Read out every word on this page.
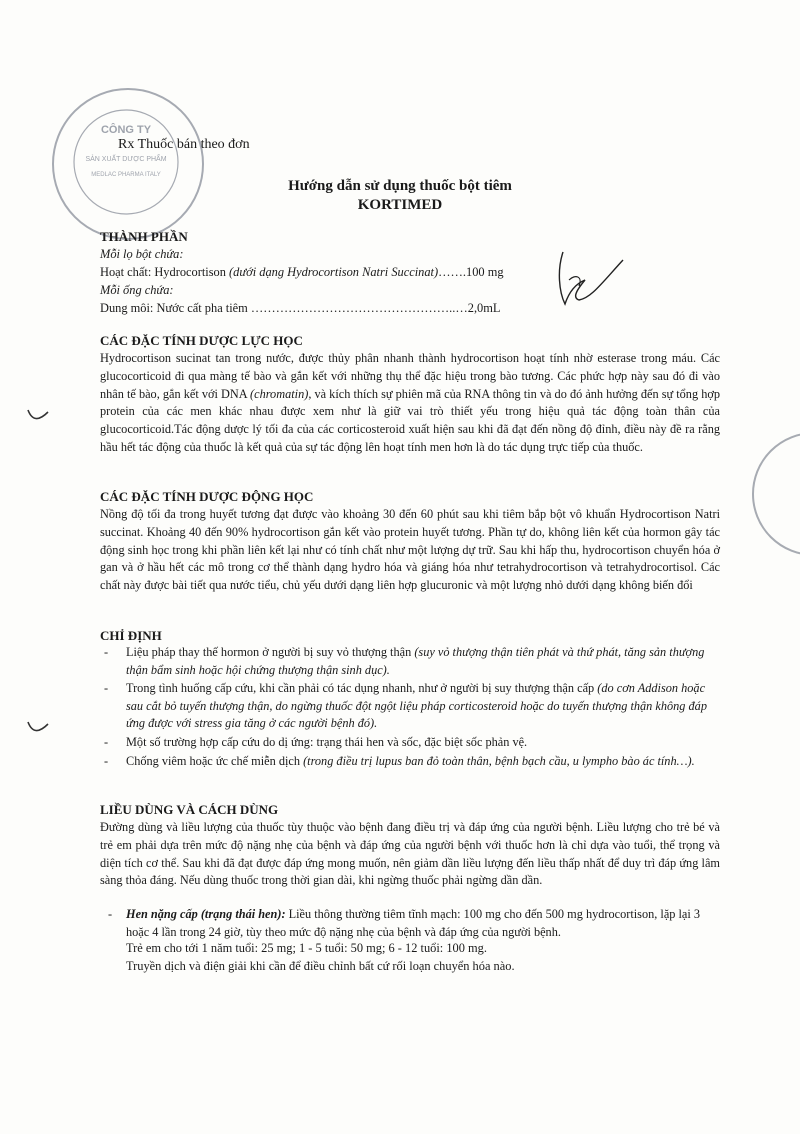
CÔNG TY
SẢN XUẤT DƯỢC PHẨM
MEDLAC PHARMA ITALY
Rx Thuốc bán theo đơn
Hướng dẫn sử dụng thuốc bột tiêm
KORTIMED
THÀNH PHẦN
Mỗi lọ bột chứa:
Hoạt chất: Hydrocortison (dưới dạng Hydrocortison Natri Succinat)…….100 mg
Mỗi ống chứa:
Dung môi: Nước cất pha tiêm …………………………………………..…2,0mL
CÁC ĐẶC TÍNH DƯỢC LỰC HỌC
Hydrocortison sucinat tan trong nước, được thủy phân nhanh thành hydrocortison hoạt tính nhờ esterase trong máu. Các glucocorticoid đi qua màng tế bào và gắn kết với những thụ thể đặc hiệu trong bào tương. Các phức hợp này sau đó đi vào nhân tế bào, gắn kết với DNA (chromatin), và kích thích sự phiên mã của RNA thông tin và do đó ảnh hưởng đến sự tổng hợp protein của các men khác nhau được xem như là giữ vai trò thiết yếu trong hiệu quả tác động toàn thân của glucocorticoid.Tác động dược lý tối đa của các corticosteroid xuất hiện sau khi đã đạt đến nồng độ đỉnh, điều này đề ra rằng hầu hết tác động của thuốc là kết quả của sự tác động lên hoạt tính men hơn là do tác dụng trực tiếp của thuốc.
CÁC ĐẶC TÍNH DƯỢC ĐỘNG HỌC
Nồng độ tối đa trong huyết tương đạt được vào khoảng 30 đến 60 phút sau khi tiêm bắp bột vô khuẩn Hydrocortison Natri succinat. Khoảng 40 đến 90% hydrocortison gắn kết vào protein huyết tương. Phần tự do, không liên kết của hormon gây tác động sinh học trong khi phần liên kết lại như có tính chất như một lượng dự trữ. Sau khi hấp thu, hydrocortison chuyển hóa ở gan và ở hầu hết các mô trong cơ thể thành dạng hydro hóa và giáng hóa như tetrahydrocortison và tetrahydrocortisol. Các chất này được bài tiết qua nước tiểu, chủ yếu dưới dạng liên hợp glucuronic và một lượng nhỏ dưới dạng không biến đổi
CHỈ ĐỊNH
- Liệu pháp thay thế hormon ở người bị suy vỏ thượng thận (suy vỏ thượng thận tiên phát và thứ phát, tăng sản thượng thận bẩm sinh hoặc hội chứng thượng thận sinh dục).
- Trong tình huống cấp cứu, khi cần phải có tác dụng nhanh, như ở người bị suy thượng thận cấp (do cơn Addison hoặc sau cắt bỏ tuyến thượng thận, do ngừng thuốc đột ngột liệu pháp corticosteroid hoặc do tuyến thượng thận không đáp ứng được với stress gia tăng ở các người bệnh đó).
- Một số trường hợp cấp cứu do dị ứng: trạng thái hen và sốc, đặc biệt sốc phản vệ.
- Chống viêm hoặc ức chế miễn dịch (trong điều trị lupus ban đỏ toàn thân, bệnh bạch cầu, u lympho bào ác tính…).
LIỀU DÙNG VÀ CÁCH DÙNG
Đường dùng và liều lượng của thuốc tùy thuộc vào bệnh đang điều trị và đáp ứng của người bệnh. Liều lượng cho trẻ bé và trẻ em phải dựa trên mức độ nặng nhẹ của bệnh và đáp ứng của người bệnh với thuốc hơn là chỉ dựa vào tuổi, thể trọng và diện tích cơ thể. Sau khi đã đạt được đáp ứng mong muốn, nên giảm dần liều lượng đến liều thấp nhất để duy trì đáp ứng lâm sàng thỏa đáng. Nếu dùng thuốc trong thời gian dài, khi ngừng thuốc phải ngừng dần dần.
- Hen nặng cấp (trạng thái hen): Liều thông thường tiêm tĩnh mạch: 100 mg cho đến 500 mg hydrocortison, lặp lại 3 hoặc 4 lần trong 24 giờ, tùy theo mức độ nặng nhẹ của bệnh và đáp ứng của người bệnh.
Trẻ em cho tới 1 năm tuổi: 25 mg; 1 - 5 tuổi: 50 mg; 6 - 12 tuổi: 100 mg.
Truyền dịch và điện giải khi cần để điều chỉnh bất cứ rối loạn chuyển hóa nào.
